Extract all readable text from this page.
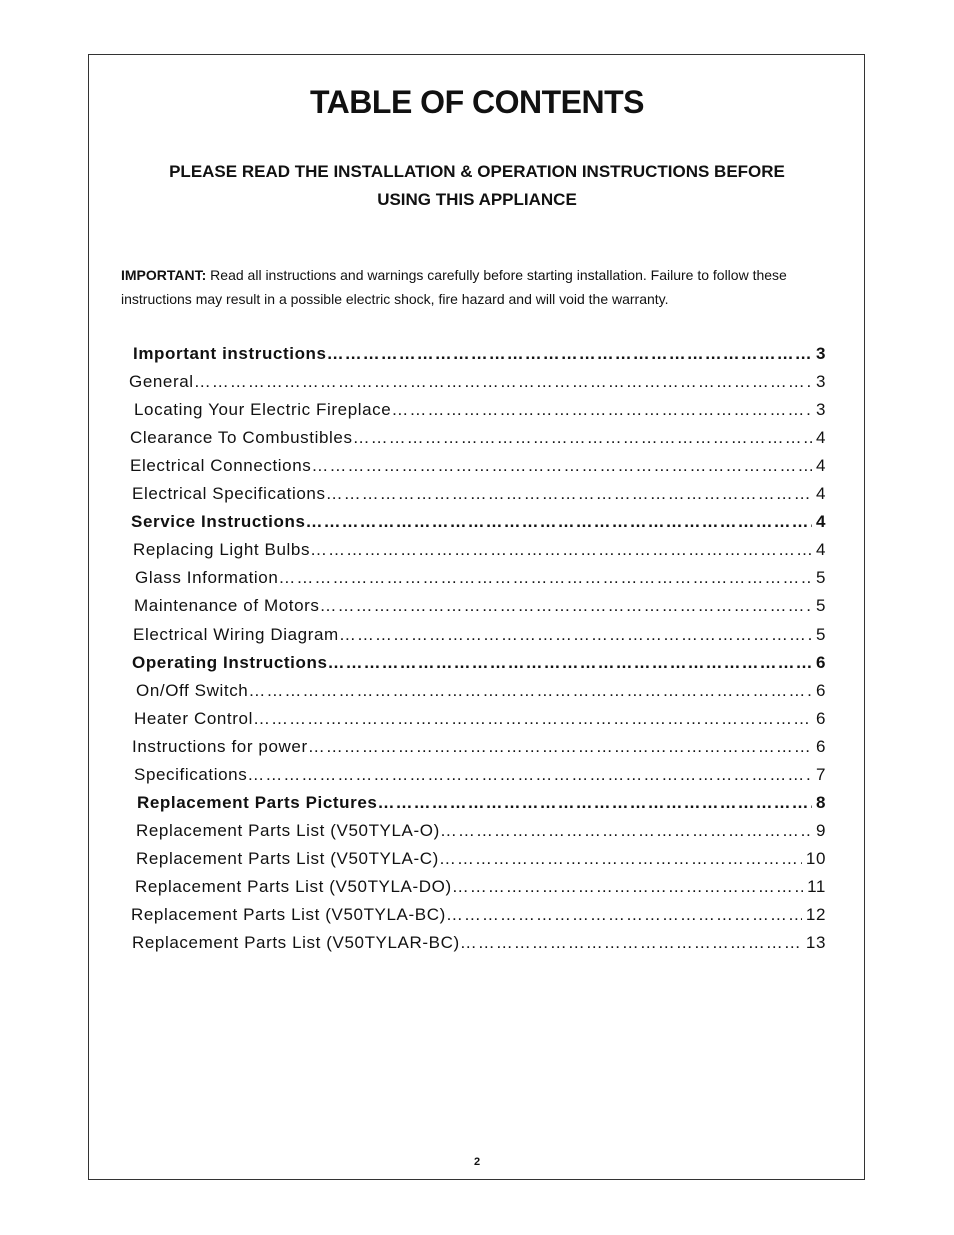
TABLE OF CONTENTS
PLEASE READ THE INSTALLATION & OPERATION INSTRUCTIONS BEFORE
USING THIS APPLIANCE
IMPORTANT: Read all instructions and warnings carefully before starting installation. Failure to follow these instructions may result in a possible electric shock, fire hazard and will void the warranty.
Important instructions ………………………………………………………………………………………………………………………………………………………………	3
General ………………………………………………………………………………………………………………………………………………………………	3
Locating Your Electric Fireplace ………………………………………………………………………………………………………………………………………………………………	3
Clearance To Combustibles ………………………………………………………………………………………………………………………………………………………………	4
Electrical Connections ………………………………………………………………………………………………………………………………………………………………	4
Electrical Specifications ………………………………………………………………………………………………………………………………………………………………	4
Service Instructions ………………………………………………………………………………………………………………………………………………………………	4
Replacing Light Bulbs ………………………………………………………………………………………………………………………………………………………………	4
Glass Information ………………………………………………………………………………………………………………………………………………………………	5
Maintenance of Motors ………………………………………………………………………………………………………………………………………………………………	5
Electrical Wiring Diagram ………………………………………………………………………………………………………………………………………………………………	5
Operating Instructions ………………………………………………………………………………………………………………………………………………………………	6
On/Off Switch ………………………………………………………………………………………………………………………………………………………………	6
Heater Control ………………………………………………………………………………………………………………………………………………………………	6
Instructions for power ………………………………………………………………………………………………………………………………………………………………	6
Specifications ………………………………………………………………………………………………………………………………………………………………	7
Replacement Parts Pictures ………………………………………………………………………………………………………………………………………………………………	8
Replacement Parts List (V50TYLA-O) ………………………………………………………………………………………………………………………………………………………………	9
Replacement Parts List (V50TYLA-C) ………………………………………………………………………………………………………………………………………………………………	10
Replacement Parts List (V50TYLA-DO) ………………………………………………………………………………………………………………………………………………………………	11
Replacement Parts List (V50TYLA-BC) ………………………………………………………………………………………………………………………………………………………………	12
Replacement Parts List (V50TYLAR-BC) ………………………………………………………………………………………………………………………………………………………………	13
2
